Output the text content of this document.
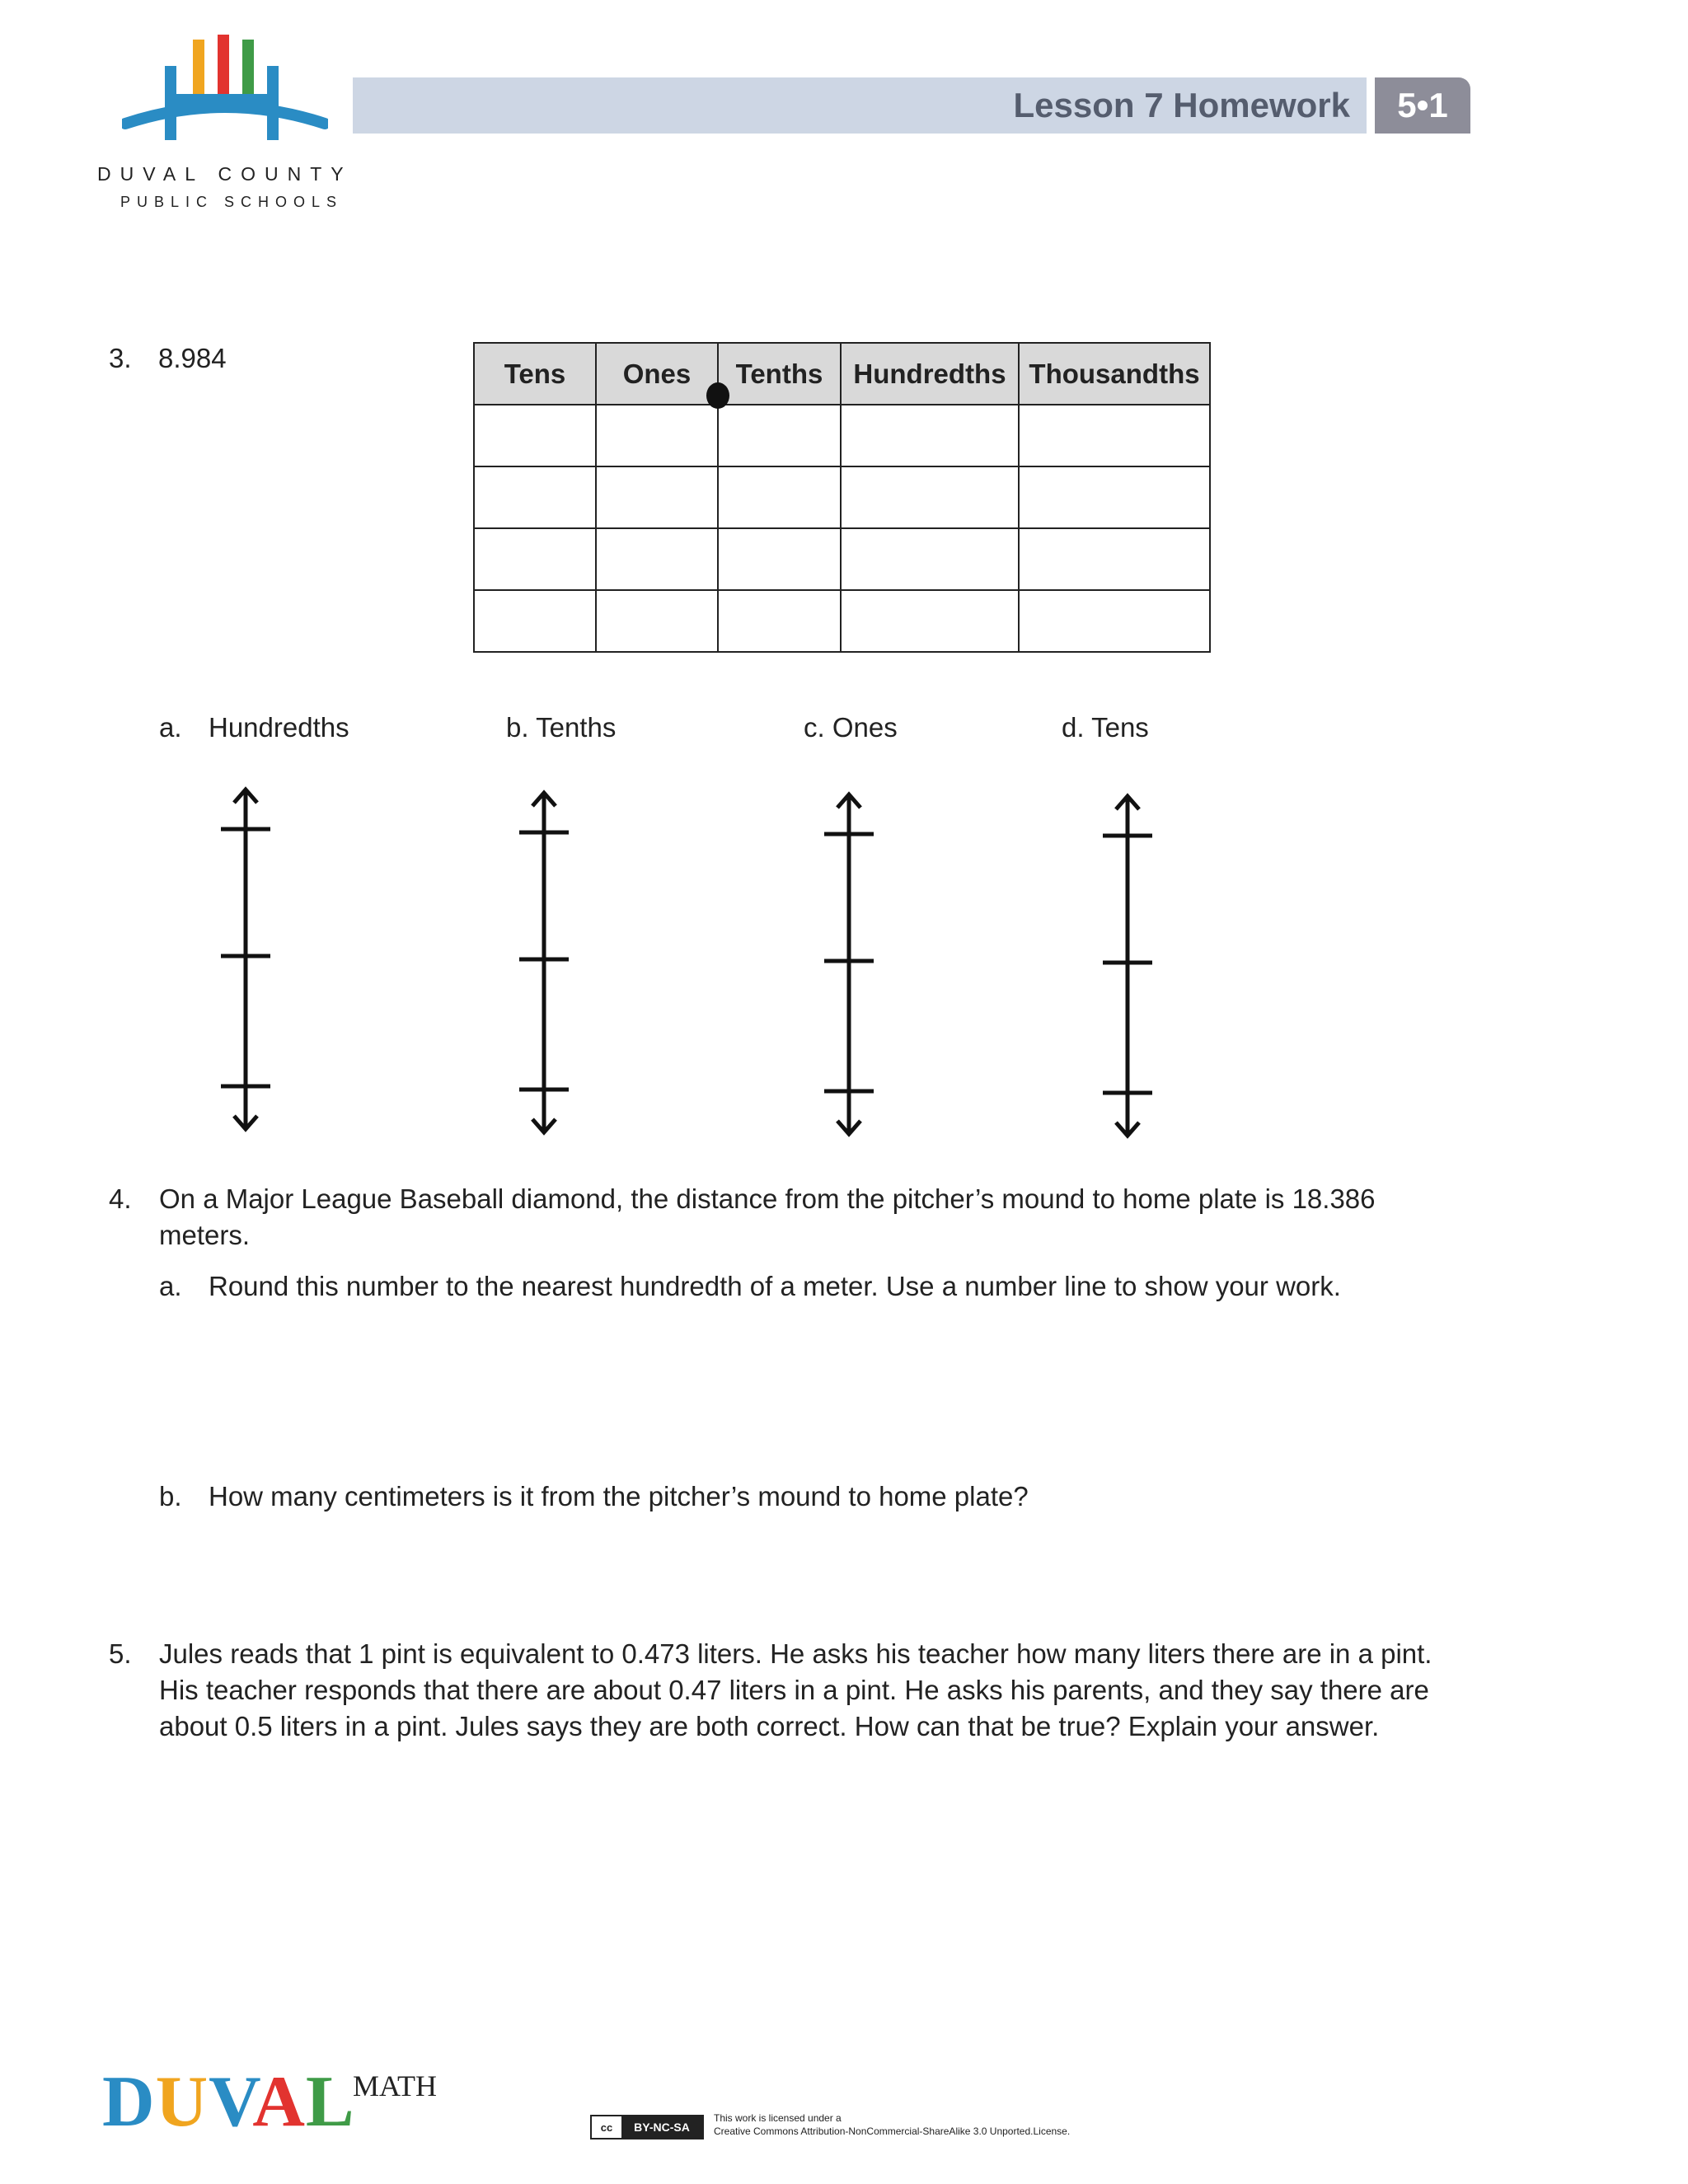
DUVAL COUNTY
PUBLIC SCHOOLS
Lesson 7 Homework	5•1
3. 8.984	Tens	Ones	Tenths	Hundredths	Thousandths

a. Hundredths	b. Tenths	c. Ones	d. Tens
4. On a Major League Baseball diamond, the distance from the pitcher’s mound to home plate is 18.386
meters.
a. Round this number to the nearest hundredth of a meter. Use a number line to show your work.
b. How many centimeters is it from the pitcher’s mound to home plate?
5. Jules reads that 1 pint is equivalent to 0.473 liters. He asks his teacher how many liters there are in a pint.
His teacher responds that there are about 0.47 liters in a pint. He asks his parents, and they say there are
about 0.5 liters in a pint. Jules says they are both correct. How can that be true? Explain your answer.
DUVAL
MATH
cc	BY-NC-SA
This work is licensed under a
Creative Commons Attribution-NonCommercial-ShareAlike 3.0 Unported.License.
